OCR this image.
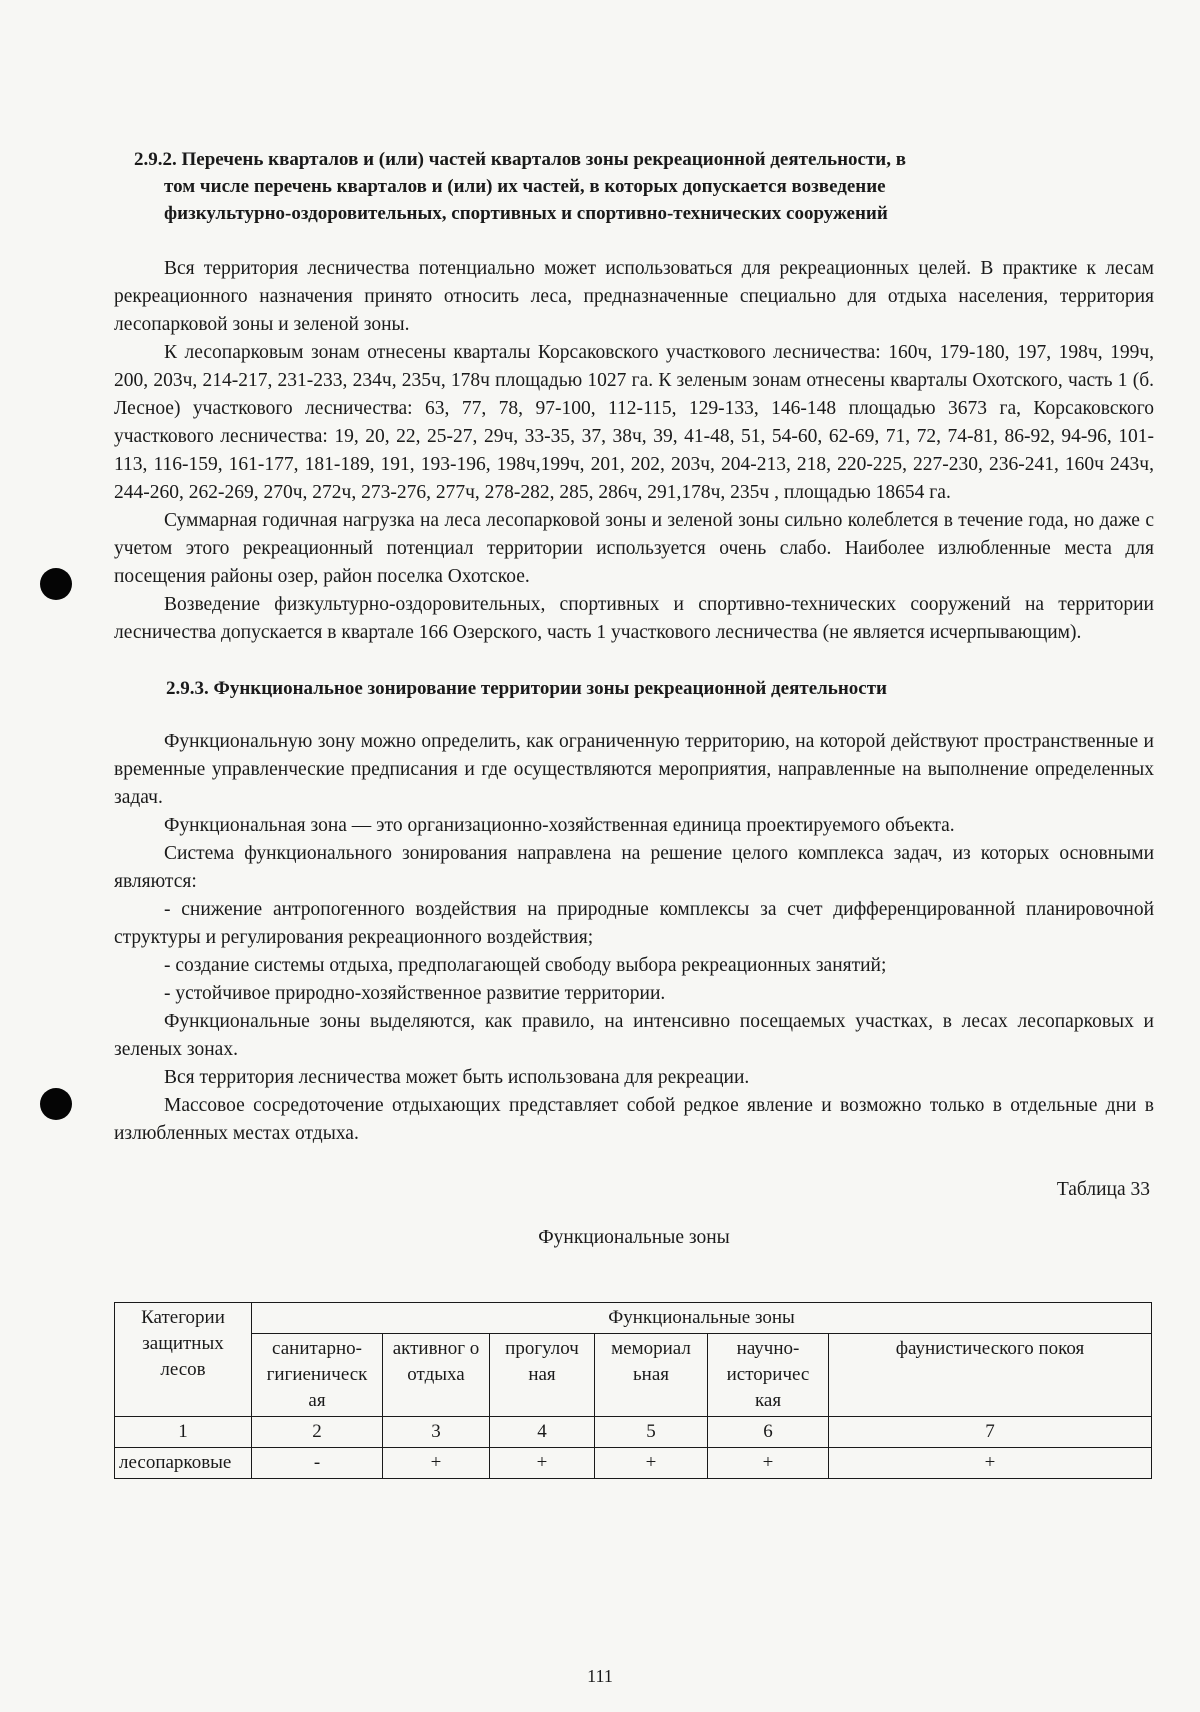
2.9.2. Перечень кварталов и (или) частей кварталов зоны рекреационной деятельности, в
том числе перечень кварталов и (или) их частей, в которых допускается возведение
физкультурно-оздоровительных, спортивных и спортивно-технических сооружений

Вся территория лесничества потенциально может использоваться для рекреационных целей. В практике к лесам рекреационного назначения принято относить леса, предназначенные специально для отдыха населения, территория лесопарковой зоны и зеленой зоны.

К лесопарковым зонам отнесены кварталы Корсаковского участкового лесничества: 160ч, 179-180, 197, 198ч, 199ч, 200, 203ч, 214-217, 231-233, 234ч, 235ч, 178ч площадью 1027 га. К зеленым зонам отнесены кварталы Охотского, часть 1 (б. Лесное) участкового лесничества: 63, 77, 78, 97-100, 112-115, 129-133, 146-148 площадью 3673 га, Корсаковского участкового лесничества: 19, 20, 22, 25-27, 29ч, 33-35, 37, 38ч, 39, 41-48, 51, 54-60, 62-69, 71, 72, 74-81, 86-92, 94-96, 101-113, 116-159, 161-177, 181-189, 191, 193-196, 198ч,199ч, 201, 202, 203ч, 204-213, 218, 220-225, 227-230, 236-241, 160ч 243ч, 244-260, 262-269, 270ч, 272ч, 273-276, 277ч, 278-282, 285, 286ч, 291,178ч, 235ч , площадью 18654 га.

Суммарная годичная нагрузка на леса лесопарковой зоны и зеленой зоны сильно колеблется в течение года, но даже с учетом этого рекреационный потенциал территории используется очень слабо. Наиболее излюбленные места для посещения районы озер, район поселка Охотское.

Возведение физкультурно-оздоровительных, спортивных и спортивно-технических сооружений на территории лесничества допускается в квартале 166 Озерского, часть 1 участкового лесничества (не является исчерпывающим).

2.9.3. Функциональное зонирование территории зоны рекреационной деятельности

Функциональную зону можно определить, как ограниченную территорию, на которой действуют пространственные и временные управленческие предписания и где осуществляются мероприятия, направленные на выполнение определенных задач.

Функциональная зона — это организационно-хозяйственная единица проектируемого объекта.

Система функционального зонирования направлена на решение целого комплекса задач, из которых основными являются:

- снижение антропогенного воздействия на природные комплексы за счет дифференцированной планировочной структуры и регулирования рекреационного воздействия;

- создание системы отдыха, предполагающей свободу выбора рекреационных занятий;

- устойчивое природно-хозяйственное развитие территории.

Функциональные зоны выделяются, как правило, на интенсивно посещаемых участках, в лесах лесопарковых и зеленых зонах.

Вся территория лесничества может быть использована для рекреации.

Массовое сосредоточение отдыхающих представляет собой редкое явление и возможно только в отдельные дни в излюбленных местах отдыха.

Таблица 33
Функциональные зоны
Категории защитных лесов	Функциональные зоны					
	санитарно-гигиеническ ая	активног о отдыха	прогулоч ная	мемориал ьная	научно-историчес кая	фаунистического покоя
1	2	3	4	5	6	7
лесопарковые	-	+	+	+	+	+
111
